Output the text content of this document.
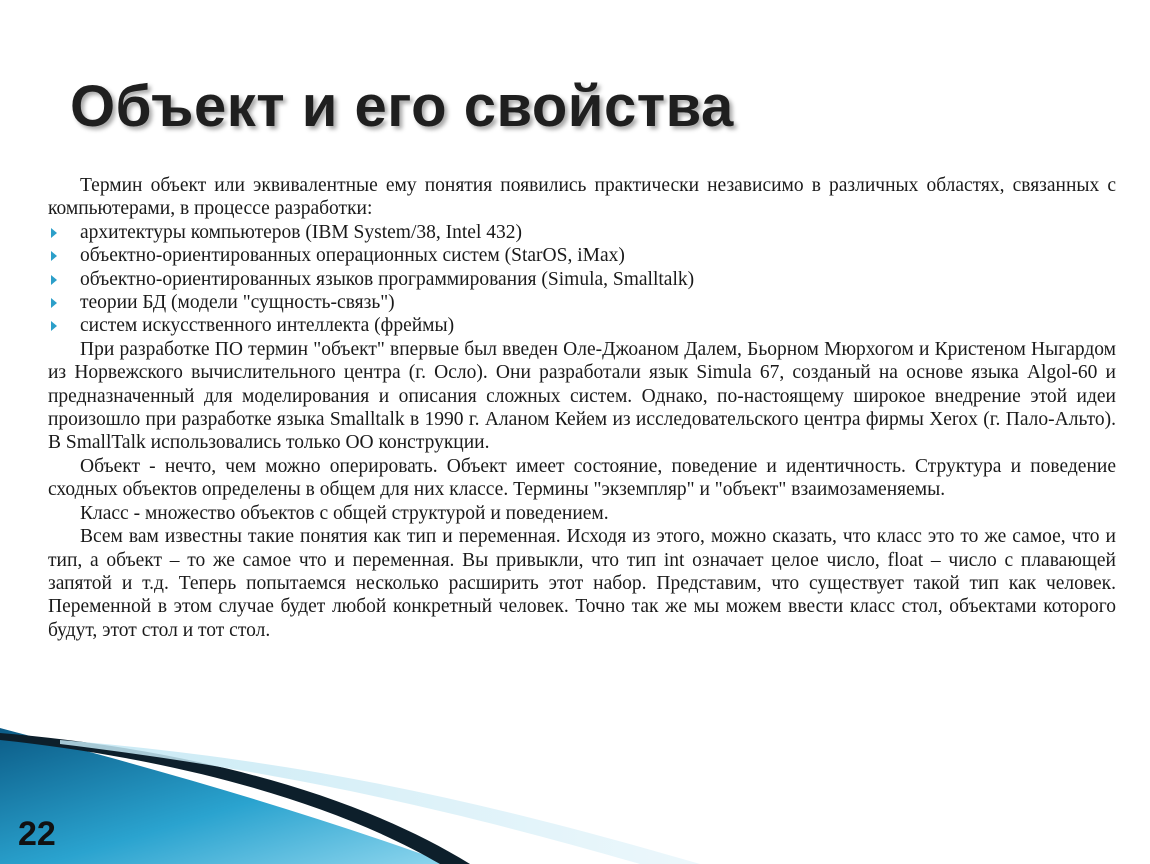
Объект и его свойства

Термин объект или эквивалентные ему понятия появились практически независимо в различных областях, связанных с компьютерами, в процессе разработки:

архитектуры компьютеров (IBM System/38, Intel 432)
объектно-ориентированных операционных систем (StarOS, iMax)
объектно-ориентированных языков программирования (Simula, Smalltalk)
теории БД (модели "сущность-связь")
систем искусственного интеллекта (фреймы)

При разработке ПО термин "объект" впервые был введен Оле-Джоаном Далем, Бьорном Мюрхогом и Кристеном Ныгардом из Норвежского вычислительного центра (г. Осло). Они разработали язык Simula 67, созданый на основе языка Algol-60 и предназначенный для моделирования и описания сложных систем. Однако, по-настоящему широкое внедрение этой идеи произошло при разработке языка Smalltalk в 1990 г. Аланом Кейем из исследовательского центра фирмы Xerox (г. Пало-Альто). В SmallTalk использовались только ОО конструкции.

Объект - нечто, чем можно оперировать. Объект имеет состояние, поведение и идентичность. Структура и поведение сходных объектов определены в общем для них классе. Термины "экземпляр" и "объект" взаимозаменяемы.

Класс - множество объектов с общей структурой и поведением.

Всем вам известны такие понятия как тип и переменная. Исходя из этого, можно сказать, что класс это то же самое, что и тип, а объект – то же самое что и переменная. Вы привыкли, что тип int означает целое число, float – число с плавающей запятой и т.д. Теперь попытаемся несколько расширить этот набор. Представим, что существует такой тип как человек. Переменной в этом случае будет любой конкретный человек. Точно так же мы можем ввести класс стол, объектами которого будут, этот стол и тот стол.

22
